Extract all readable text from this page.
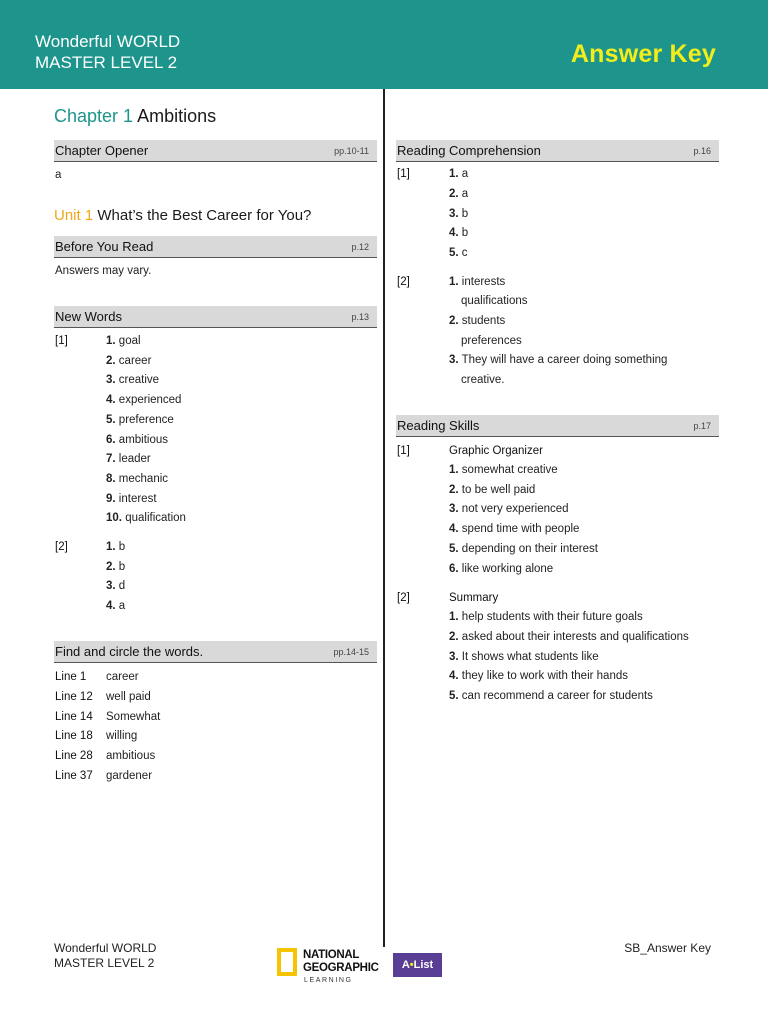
Wonderful WORLD
MASTER LEVEL 2	Answer Key
Chapter 1 Ambitions
Chapter Opener	pp.10-11
a
Unit 1 What’s the Best Career for You?
Before You Read	p.12
Answers may vary.
New Words	p.13
[1]	1. goal
2. career
3. creative
4. experienced
5. preference
6. ambitious
7. leader
8. mechanic
9. interest
10. qualification
[2]	1. b
2. b
3. d
4. a
Find and circle the words.	pp.14-15
Line 1 career
Line 12 well paid
Line 14 Somewhat
Line 18 willing
Line 28 ambitious
Line 37 gardener
Reading Comprehension	p.16
[1]	1. a
2. a
3. b
4. b
5. c
[2]	1. interests
qualifications
2. students
preferences
3. They will have a career doing something
creative.
Reading Skills	p.17
[1]	Graphic Organizer
1. somewhat creative
2. to be well paid
3. not very experienced
4. spend time with people
5. depending on their interest
6. like working alone
[2]	Summary
1. help students with their future goals
2. asked about their interests and qualifications
3. It shows what students like
4. they like to work with their hands
5. can recommend a career for students
Wonderful WORLD
MASTER LEVEL 2
NATIONAL
GEOGRAPHIC
LEARNING
A•List
SB_Answer Key
